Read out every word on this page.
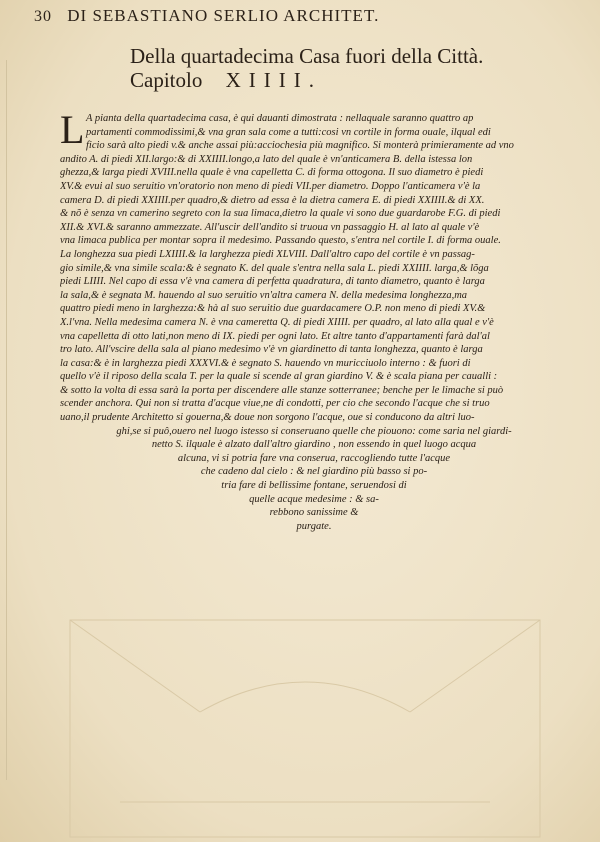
30 DI SEBASTIANO SERLIO ARCHITET.
Della quartadecima Casa fuori della Città.
Capitolo XIIII.
L A pianta della quartadecima casa, è qui dauanti dimostrata : nellaquale saranno quattro ap
partamenti commodissimi,& vna gran sala come a tutti:cosi vn cortile in forma ouale, ilqual edi
ficio sarà alto piedi v.& anche assai più:acciochesia più magnifico. Si monterà primieramente ad vno
andito A. di piedi XII.largo:& di XXIIII.longo,a lato del quale è vn'anticamera B. della istessa lon
ghezza,& larga piedi XVIII.nella quale è vna capelletta C. di forma ottogona. Il suo diametro è piedi
XV.& evui al suo seruitio vn'oratorio non meno di piedi VII.per diametro. Doppo l'anticamera v'è la
camera D. di piedi XXIIII.per quadro,& dietro ad essa è la dietra camera E. di piedi XXIIII.& di XX.
& nõ è senza vn camerino segreto con la sua limaca,dietro la quale vi sono due guardarobe F.G. di piedi
XII.& XVI.& saranno ammezzate. All'uscir dell'andito si truoua vn passaggio H. al lato al quale v'è
vna limaca publica per montar sopra il medesimo. Passando questo, s'entra nel cortile I. di forma ouale.
La longhezza sua piedi LXIIII.& la larghezza piedi XLVIII. Dall'altro capo del cortile è vn passag-
gio simile,& vna simile scala:& è segnato K. del quale s'entra nella sala L. piedi XXIIII. larga,& lõga
piedi LIIII. Nel capo di essa v'è vna camera di perfetta quadratura, di tanto diametro, quanto è larga
la sala,& è segnata M. hauendo al suo seruitio vn'altra camera N. della medesima longhezza,ma
quattro piedi meno in larghezza:& hà al suo seruitio due guardacamere O.P. non meno di piedi XV.&
X.l'vna. Nella medesima camera N. è vna cameretta Q. di piedi XIIII. per quadro, al lato alla qual e v'è
vna capelletta di otto lati,non meno di IX. piedi per ogni lato. Et altre tanto d'appartamenti farà dal'al
tro lato. All'vscire della sala al piano medesimo v'è vn giardinetto di tanta longhezza, quanto è larga
la casa:& è in larghezza piedi XXXVI.& è segnato S. hauendo vn muricciuolo interno : & fuori di
quello v'è il riposo della scala T. per la quale si scende al gran giardino V. & è scala piana per caualli :
& sotto la volta di essa sarà la porta per discendere alle stanze sotterranee; benche per le limache si può
scender anchora. Qui non si tratta d'acque viue,ne di condotti, per cio che secondo l'acque che si truo
uano,il prudente Architetto si gouerna,& doue non sorgono l'acque, oue si conducono da altri luo-
ghi,se si puô,ouero nel luogo istesso si conseruano quelle che piouono: come saria nel giardi-
netto S. ilquale è alzato dall'altro giardino , non essendo in quel luogo acqua
alcuna, vi si potria fare vna conserua, raccogliendo tutte l'acque
che cadeno dal cielo : & nel giardino più basso si po-
tria fare di bellissime fontane, seruendosi di
quelle acque medesime : & sa-
rebbono sanissime &
purgate.
